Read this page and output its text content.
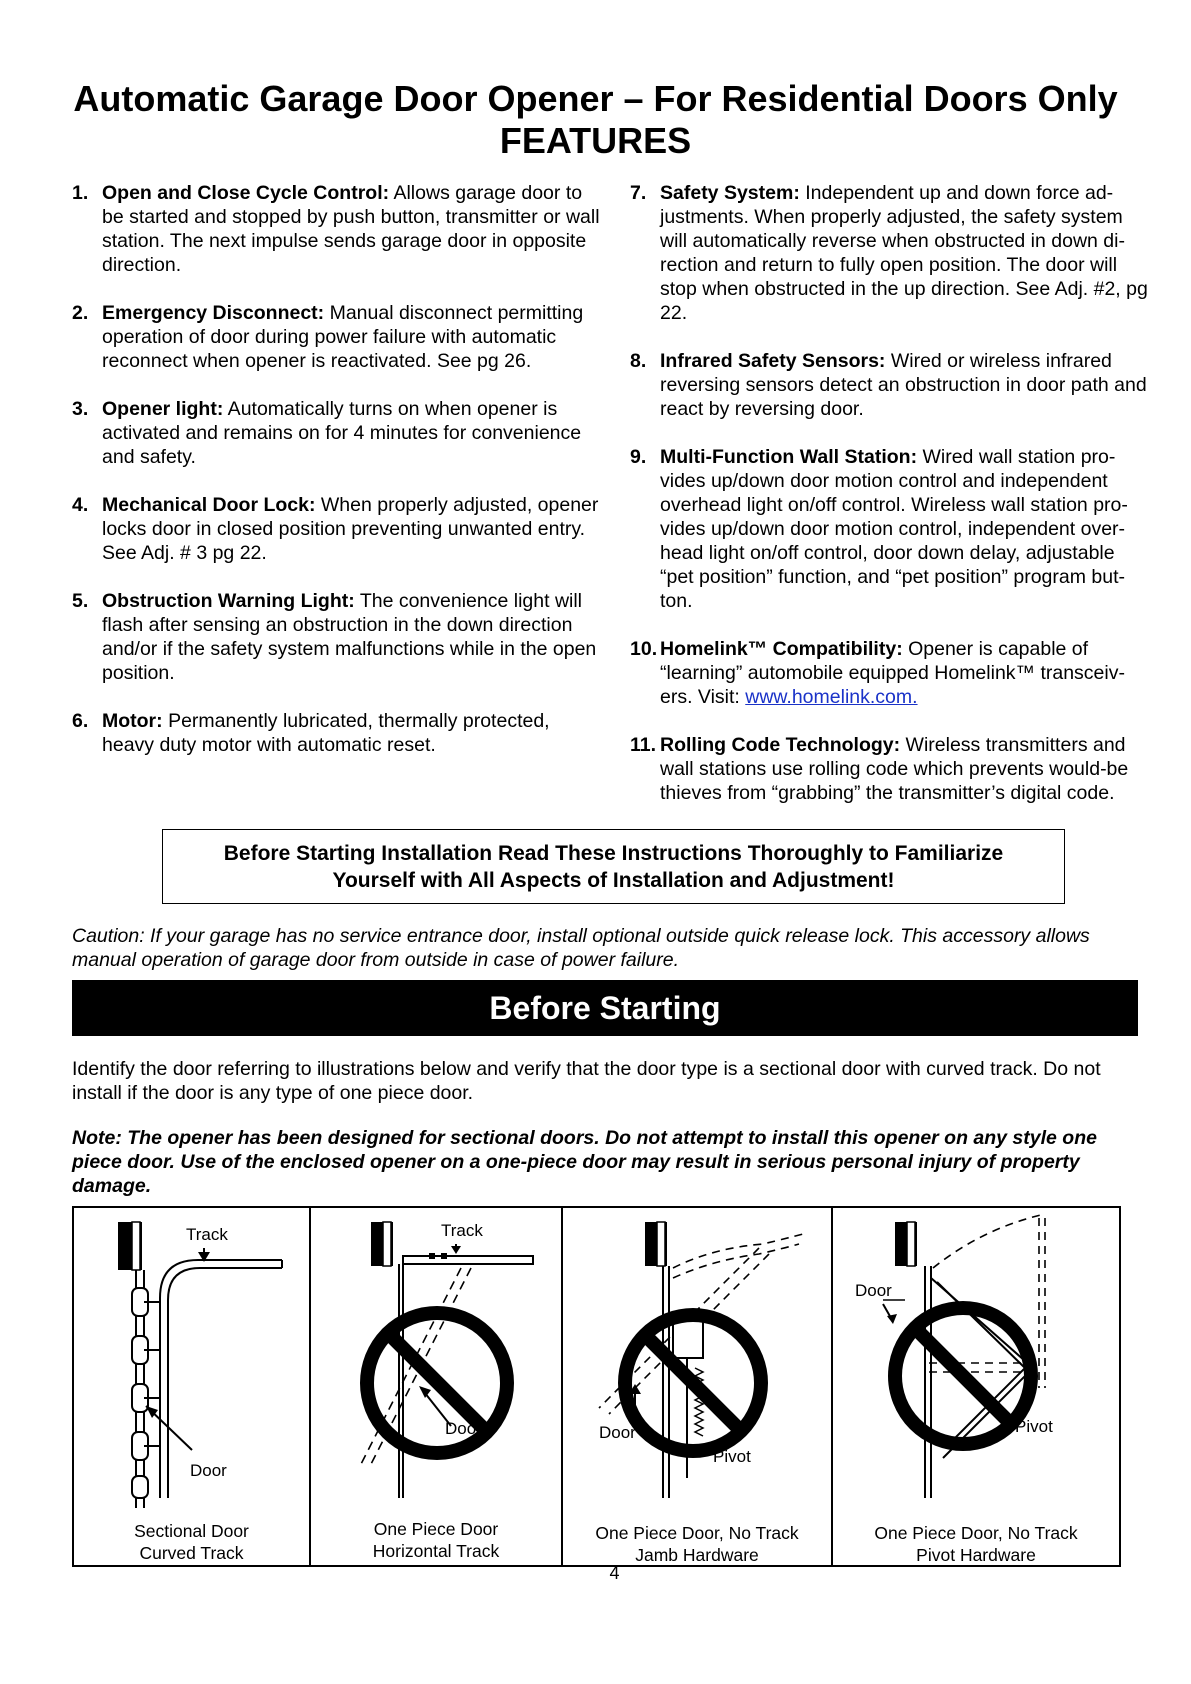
Automatic Garage Door Opener – For Residential Doors Only
FEATURES
1. Open and Close Cycle Control: Allows garage door to be started and stopped by push button, transmitter or wall station. The next impulse sends garage door in opposite direction.
2. Emergency Disconnect: Manual disconnect permitting operation of door during power failure with automatic reconnect when opener is reactivated. See pg 26.
3. Opener light: Automatically turns on when opener is activated and remains on for 4 minutes for convenience and safety.
4. Mechanical Door Lock: When properly adjusted, opener locks door in closed position preventing unwanted entry. See Adj. # 3 pg 22.
5. Obstruction Warning Light: The convenience light will flash after sensing an obstruction in the down direction and/or if the safety system malfunctions while in the open position.
6. Motor: Permanently lubricated, thermally protected, heavy duty motor with automatic reset.
7. Safety System: Independent up and down force adjustments. When properly adjusted, the safety system will automatically reverse when obstructed in down direction and return to fully open position. The door will stop when obstructed in the up direction. See Adj. #2, pg 22.
8. Infrared Safety Sensors: Wired or wireless infrared reversing sensors detect an obstruction in door path and react by reversing door.
9. Multi-Function Wall Station: Wired wall station provides up/down door motion control and independent overhead light on/off control. Wireless wall station provides up/down door motion control, independent overhead light on/off control, door down delay, adjustable “pet position” function, and “pet position” program button.
10. Homelink™ Compatibility: Opener is capable of “learning” automobile equipped Homelink™ transceivers. Visit: www.homelink.com.
11. Rolling Code Technology: Wireless transmitters and wall stations use rolling code which prevents would-be thieves from “grabbing” the transmitter’s digital code.
Before Starting Installation Read These Instructions Thoroughly to Familiarize
Yourself with All Aspects of Installation and Adjustment!
Caution: If your garage has no service entrance door, install optional outside quick release lock. This accessory allows manual operation of garage door from outside in case of power failure.
Before Starting
Identify the door referring to illustrations below and verify that the door type is a sectional door with curved track. Do not install if the door is any type of one piece door.
Note: The opener has been designed for sectional doors. Do not attempt to install this opener on any style one piece door. Use of the enclosed opener on a one-piece door may result in serious personal injury of property damage.
Track
Door
Sectional Door
Curved Track
Track
Door
One Piece Door
Horizontal Track
Door
Pivot
One Piece Door, No Track
Jamb Hardware
Door
Pivot
One Piece Door, No Track
Pivot Hardware
4
